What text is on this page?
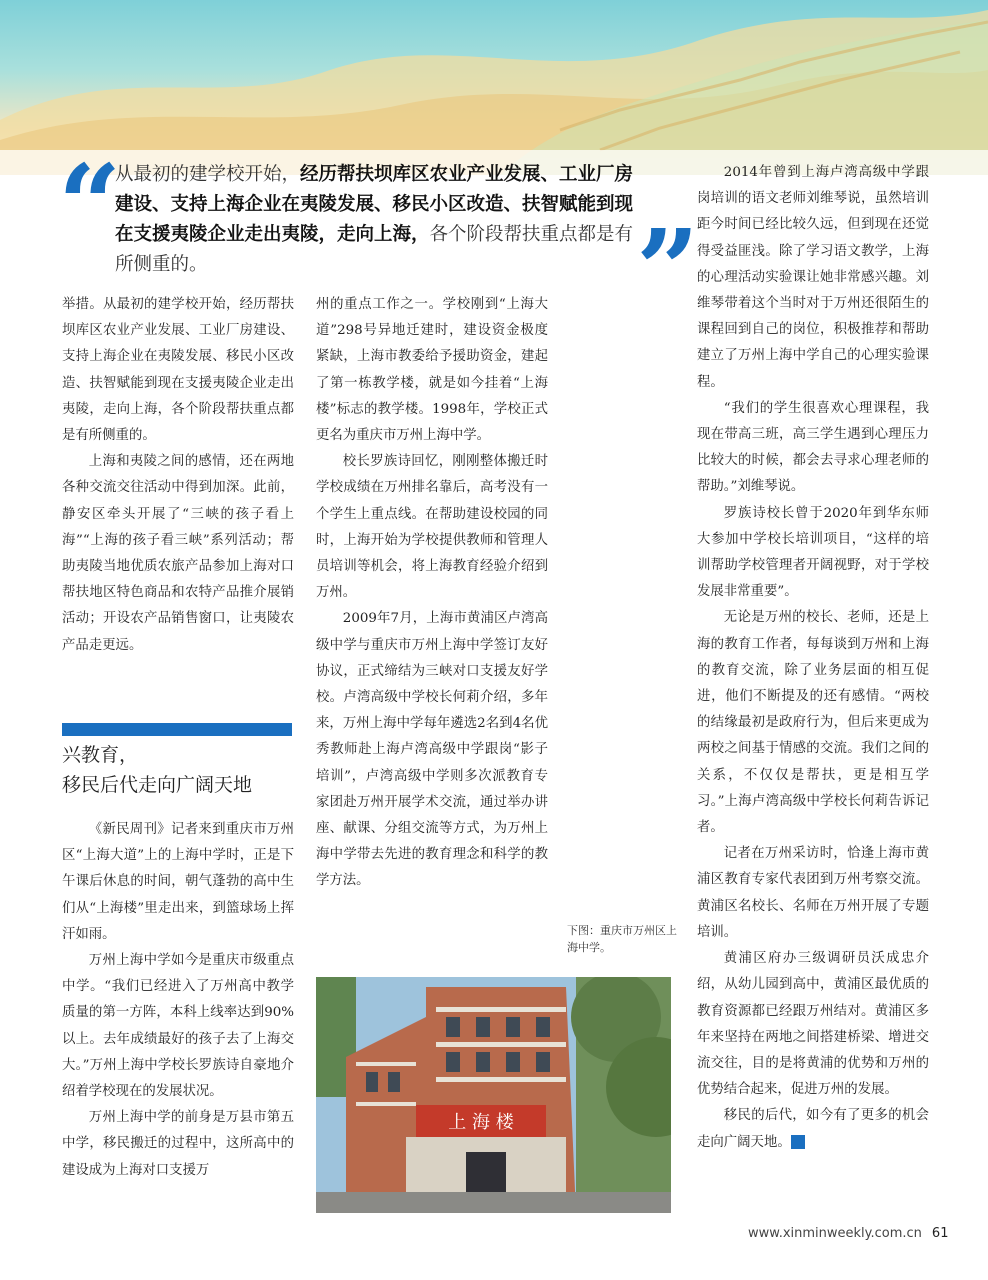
“
从最初的建学校开始，经历帮扶坝库区农业产业发展、工业厂房建设、支持上海企业在夷陵发展、移民小区改造、扶智赋能到现在支援夷陵企业走出夷陵，走向上海，各个阶段帮扶重点都是有所侧重的。	”

举措。从最初的建学校开始，经历帮扶坝库区农业产业发展、工业厂房建设、支持上海企业在夷陵发展、移民小区改造、扶智赋能到现在支援夷陵企业走出夷陵，走向上海，各个阶段帮扶重点都是有所侧重的。

上海和夷陵之间的感情，还在两地各种交流交往活动中得到加深。此前，静安区牵头开展了“三峡的孩子看上海”“上海的孩子看三峡”系列活动；帮助夷陵当地优质农旅产品参加上海对口帮扶地区特色商品和农特产品推介展销活动；开设农产品销售窗口，让夷陵农产品走更远。

兴教育，
移民后代走向广阔天地

《新民周刊》记者来到重庆市万州区“上海大道”上的上海中学时，正是下午课后休息的时间，朝气蓬勃的高中生们从“上海楼”里走出来，到篮球场上挥汗如雨。

万州上海中学如今是重庆市级重点中学。“我们已经进入了万州高中教学质量的第一方阵，本科上线率达到90%以上。去年成绩最好的孩子去了上海交大。”万州上海中学校长罗族诗自豪地介绍着学校现在的发展状况。

万州上海中学的前身是万县市第五中学，移民搬迁的过程中，这所高中的建设成为上海对口支援万

州的重点工作之一。学校刚到“上海大道”298号异地迁建时，建设资金极度紧缺，上海市教委给予援助资金，建起了第一栋教学楼，就是如今挂着“上海楼”标志的教学楼。1998年，学校正式更名为重庆市万州上海中学。

校长罗族诗回忆，刚刚整体搬迁时学校成绩在万州排名靠后，高考没有一个学生上重点线。在帮助建设校园的同时，上海开始为学校提供教师和管理人员培训等机会，将上海教育经验介绍到万州。

2009年7月，上海市黄浦区卢湾高级中学与重庆市万州上海中学签订友好协议，正式缔结为三峡对口支援友好学校。卢湾高级中学校长何莉介绍，多年来，万州上海中学每年遴选2名到4名优秀教师赴上海卢湾高级中学跟岗“影子培训”，卢湾高级中学则多次派教育专家团赴万州开展学术交流，通过举办讲座、献课、分组交流等方式，为万州上海中学带去先进的教育理念和科学的教学方法。

下图：重庆市万州区上海中学。
上 海 楼

2014年曾到上海卢湾高级中学跟岗培训的语文老师刘维琴说，虽然培训距今时间已经比较久远，但到现在还觉得受益匪浅。除了学习语文教学，上海的心理活动实验课让她非常感兴趣。刘维琴带着这个当时对于万州还很陌生的课程回到自己的岗位，积极推荐和帮助建立了万州上海中学自己的心理实验课程。

“我们的学生很喜欢心理课程，我现在带高三班，高三学生遇到心理压力比较大的时候，都会去寻求心理老师的帮助。”刘维琴说。

罗族诗校长曾于2020年到华东师大参加中学校长培训项目，“这样的培训帮助学校管理者开阔视野，对于学校发展非常重要”。

无论是万州的校长、老师，还是上海的教育工作者，每每谈到万州和上海的教育交流，除了业务层面的相互促进，他们不断提及的还有感情。“两校的结缘最初是政府行为，但后来更成为两校之间基于情感的交流。我们之间的关系，不仅仅是帮扶，更是相互学习。”上海卢湾高级中学校长何莉告诉记者。

记者在万州采访时，恰逢上海市黄浦区教育专家代表团到万州考察交流。黄浦区名校长、名师在万州开展了专题培训。

黄浦区府办三级调研员沃成忠介绍，从幼儿园到高中，黄浦区最优质的教育资源都已经跟万州结对。黄浦区多年来坚持在两地之间搭建桥梁、增进交流交往，目的是将黄浦的优势和万州的优势结合起来，促进万州的发展。

移民的后代，如今有了更多的机会走向广阔天地。	民

www.xinminweekly.com.cn 61
